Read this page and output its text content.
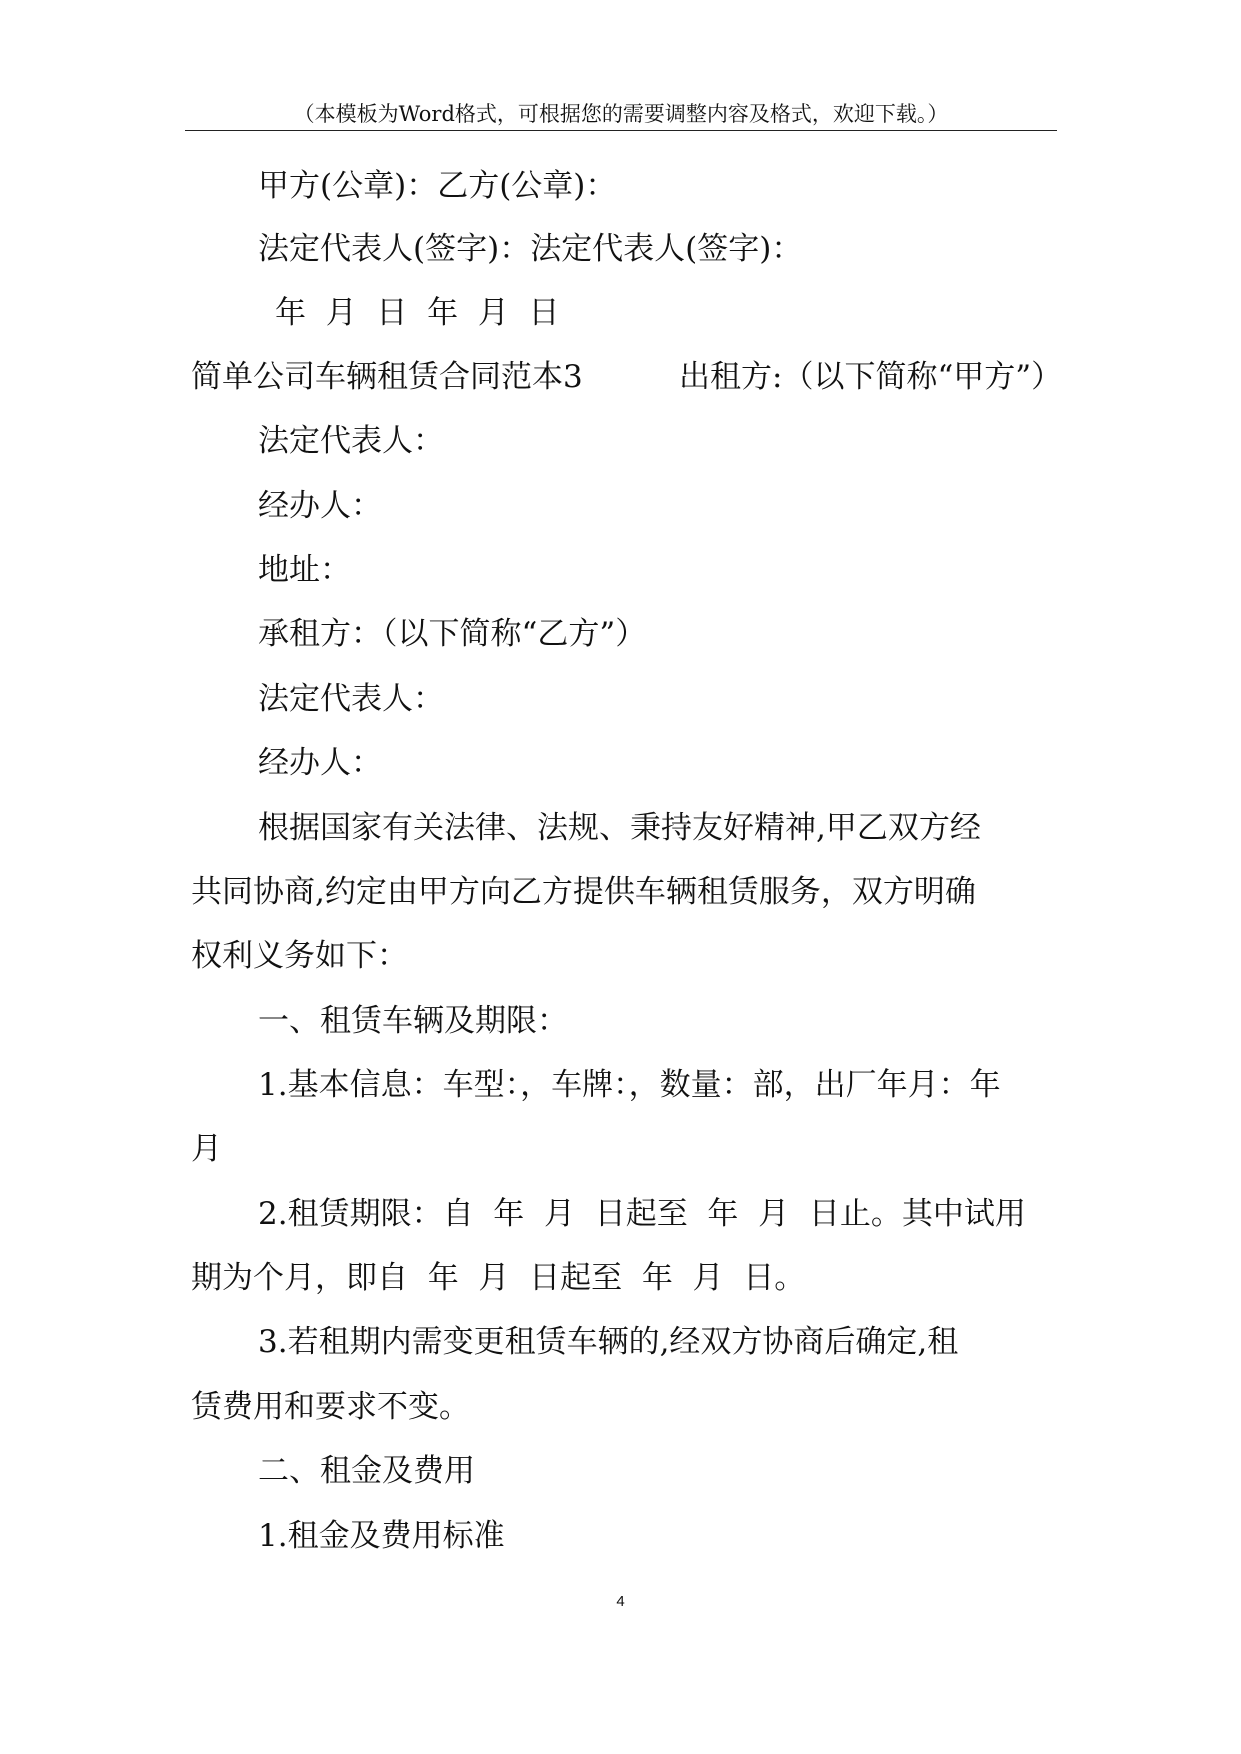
（本模板为Word格式，可根据您的需要调整内容及格式，欢迎下载。）
甲方(公章)：乙方(公章)：
法定代表人(签字)：法定代表人(签字)：
年  月  日  年  月  日
简单公司车辆租赁合同范本3	出租方:（以下简称“甲方”）
法定代表人：
经办人：
地址：
承租方：（以下简称“乙方”）
法定代表人：
经办人：
根据国家有关法律、法规、秉持友好精神,甲乙双方经
共同协商,约定由甲方向乙方提供车辆租赁服务，双方明确
权利义务如下：
一、租赁车辆及期限：
1.基本信息：车型：，车牌：，数量：部，出厂年月：年
月
2.租赁期限：自  年  月  日起至  年  月  日止。其中试用
期为个月，即自  年  月  日起至  年  月  日。
3.若租期内需变更租赁车辆的,经双方协商后确定,租
赁费用和要求不变。
二、租金及费用
1.租金及费用标准
4
